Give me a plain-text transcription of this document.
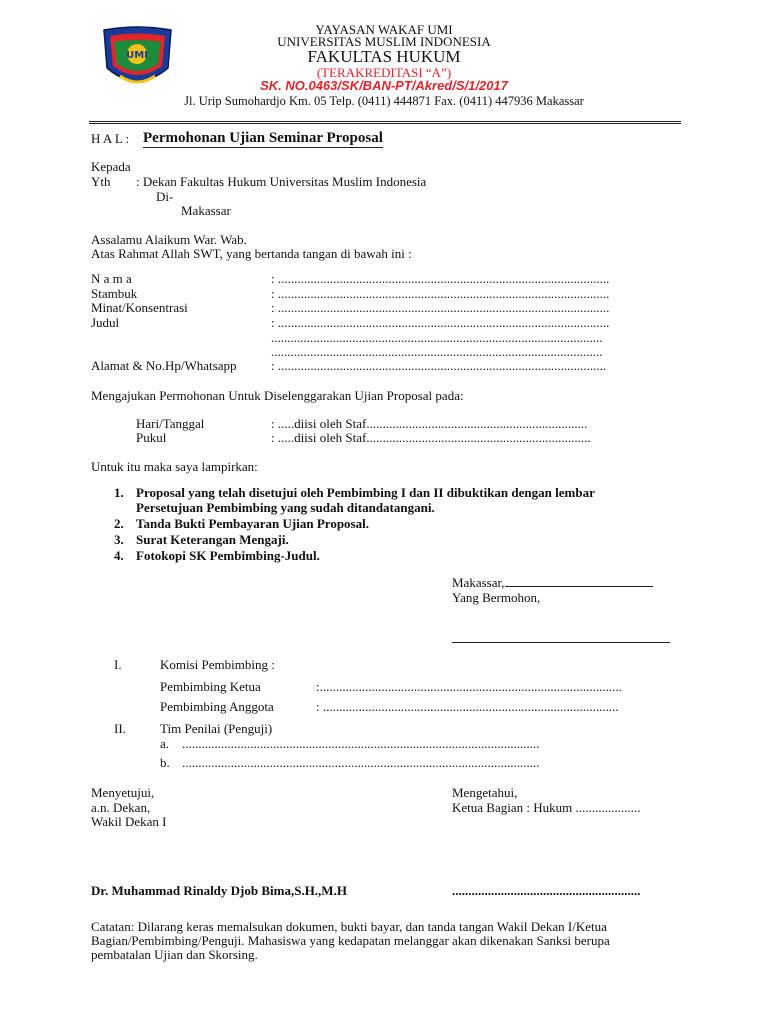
UMI
YAYASAN WAKAF UMI
UNIVERSITAS MUSLIM INDONESIA
FAKULTAS HUKUM
(TERAKREDITASI “A”)
SK. NO.0463/SK/BAN-PT/Akred/S/1/2017
Jl. Urip Sumohardjo Km. 05 Telp. (0411) 444871 Fax. (0411) 447936 Makassar
H A L : Permohonan Ujian Seminar Proposal
Kepada
Yth : Dekan Fakultas Hukum Universitas Muslim Indonesia
Di-
Makassar
Assalamu Alaikum War. Wab.
Atas Rahmat Allah SWT, yang bertanda tangan di bawah ini :
N a m a	: ......................................................................................................
Stambuk	: ......................................................................................................
Minat/Konsentrasi	: ......................................................................................................
Judul	: ......................................................................................................
......................................................................................................
......................................................................................................
Alamat & No.Hp/Whatsapp	: .....................................................................................................
Mengajukan Permohonan Untuk Diselenggarakan Ujian Proposal pada:
Hari/Tanggal	: .....diisi oleh Staf....................................................................
Pukul	: .....diisi oleh Staf.....................................................................
Untuk itu maka saya lampirkan:
1. Proposal yang telah disetujui oleh Pembimbing I dan II dibuktikan dengan lembar
Persetujuan Pembimbing yang sudah ditandatangani.
2. Tanda Bukti Pembayaran Ujian Proposal.
3. Surat Keterangan Mengaji.
4. Fotokopi SK Pembimbing-Judul.
Makassar,
Yang Bermohon,
I.	Komisi Pembimbing :
Pembimbing Ketua	:.............................................................................................
Pembimbing Anggota	: ...........................................................................................
II.	Tim Penilai (Penguji)
a. ..............................................................................................................
b. ..............................................................................................................
Menyetujui,
a.n. Dekan,
Wakil Dekan I
Mengetahui,
Ketua Bagian : Hukum ....................
Dr. Muhammad Rinaldy Djob Bima,S.H.,M.H	..........................................................
Catatan: Dilarang keras memalsukan dokumen, bukti bayar, dan tanda tangan Wakil Dekan I/Ketua
Bagian/Pembimbing/Penguji. Mahasiswa yang kedapatan melanggar akan dikenakan Sanksi berupa
pembatalan Ujian dan Skorsing.
